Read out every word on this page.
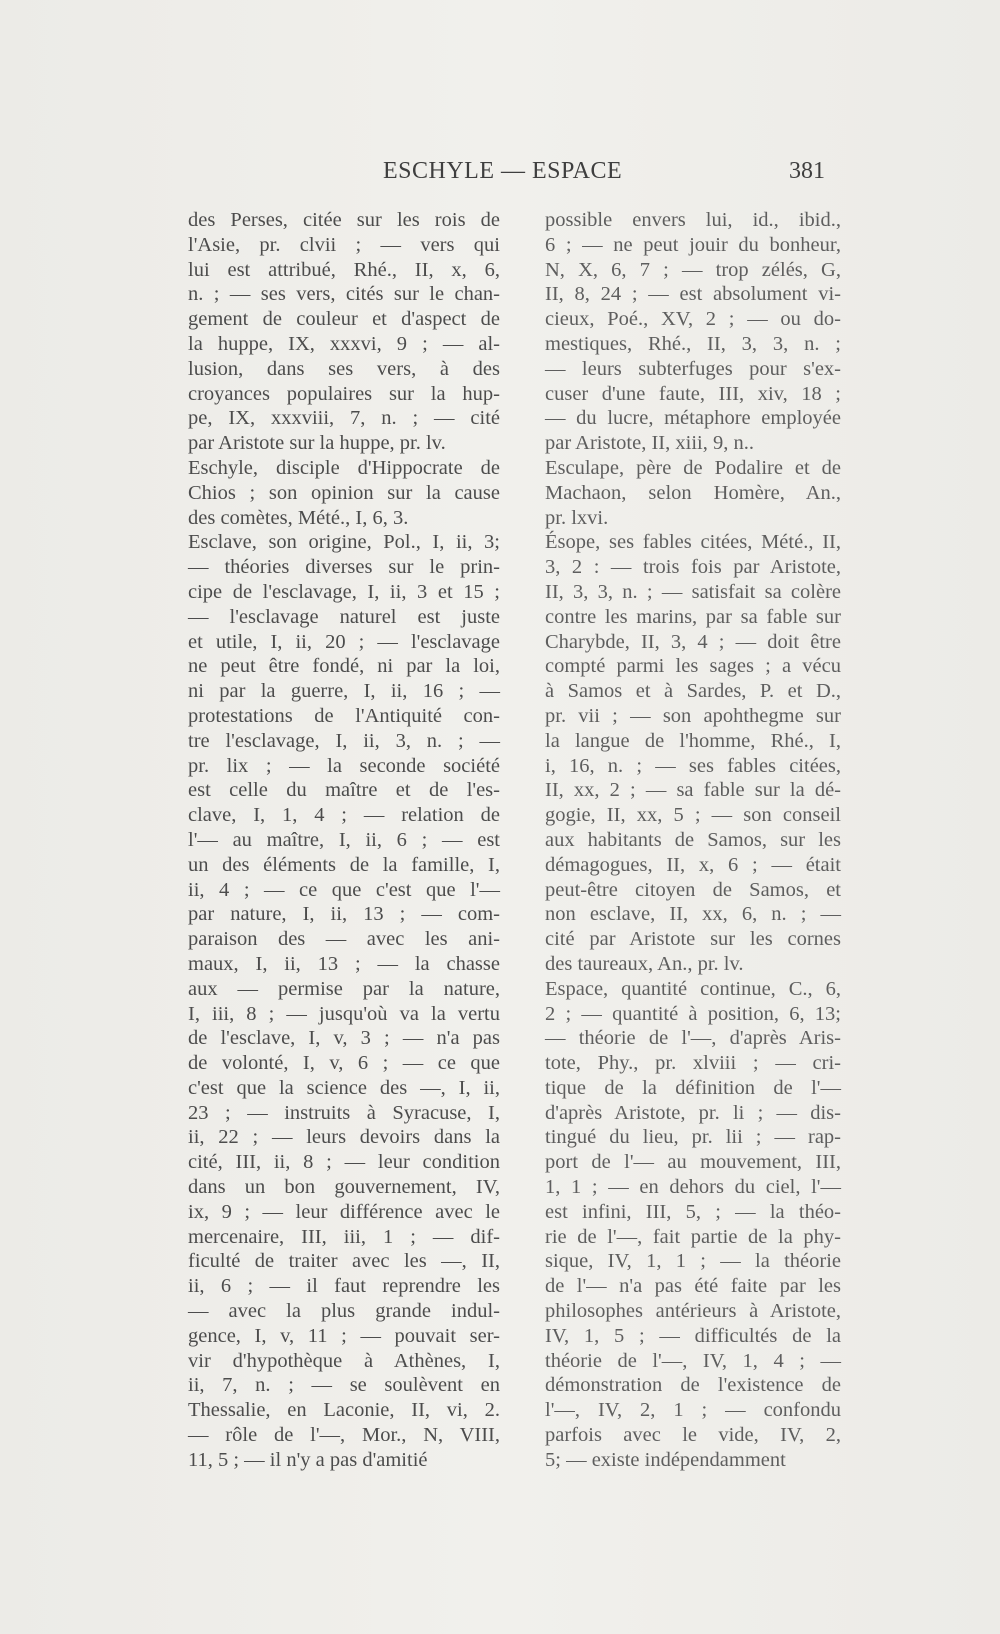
ESCHYLE — ESPACE	381
des Perses, citée sur les rois de
l'Asie, pr. clvii ; — vers qui
lui est attribué, Rhé., II, x, 6,
n. ; — ses vers, cités sur le chan-
gement de couleur et d'aspect de
la huppe, IX, xxxvi, 9 ; — al-
lusion, dans ses vers, à des
croyances populaires sur la hup-
pe, IX, xxxviii, 7, n. ; — cité
par Aristote sur la huppe, pr. lv.
Eschyle, disciple d'Hippocrate de
Chios ; son opinion sur la cause
des comètes, Mété., I, 6, 3.
Esclave, son origine, Pol., I, ii, 3;
— théories diverses sur le prin-
cipe de l'esclavage, I, ii, 3 et 15 ;
— l'esclavage naturel est juste
et utile, I, ii, 20 ; — l'esclavage
ne peut être fondé, ni par la loi,
ni par la guerre, I, ii, 16 ; —
protestations de l'Antiquité con-
tre l'esclavage, I, ii, 3, n. ; —
pr. lix ; — la seconde société
est celle du maître et de l'es-
clave, I, 1, 4 ; — relation de
l'— au maître, I, ii, 6 ; — est
un des éléments de la famille, I,
ii, 4 ; — ce que c'est que l'—
par nature, I, ii, 13 ; — com-
paraison des — avec les ani-
maux, I, ii, 13 ; — la chasse
aux — permise par la nature,
I, iii, 8 ; — jusqu'où va la vertu
de l'esclave, I, v, 3 ; — n'a pas
de volonté, I, v, 6 ; — ce que
c'est que la science des —, I, ii,
23 ; — instruits à Syracuse, I,
ii, 22 ; — leurs devoirs dans la
cité, III, ii, 8 ; — leur condition
dans un bon gouvernement, IV,
ix, 9 ; — leur différence avec le
mercenaire, III, iii, 1 ; — dif-
ficulté de traiter avec les —, II,
ii, 6 ; — il faut reprendre les
— avec la plus grande indul-
gence, I, v, 11 ; — pouvait ser-
vir d'hypothèque à Athènes, I,
ii, 7, n. ; — se soulèvent en
Thessalie, en Laconie, II, vi, 2.
— rôle de l'—, Mor., N, VIII,
11, 5 ; — il n'y a pas d'amitié
possible envers lui, id., ibid.,
6 ; — ne peut jouir du bonheur,
N, X, 6, 7 ; — trop zélés, G,
II, 8, 24 ; — est absolument vi-
cieux, Poé., XV, 2 ; — ou do-
mestiques, Rhé., II, 3, 3, n. ;
— leurs subterfuges pour s'ex-
cuser d'une faute, III, xiv, 18 ;
— du lucre, métaphore employée
par Aristote, II, xiii, 9, n..
Esculape, père de Podalire et de
Machaon, selon Homère, An.,
pr. lxvi.
Ésope, ses fables citées, Mété., II,
3, 2 : — trois fois par Aristote,
II, 3, 3, n. ; — satisfait sa colère
contre les marins, par sa fable sur
Charybde, II, 3, 4 ; — doit être
compté parmi les sages ; a vécu
à Samos et à Sardes, P. et D.,
pr. vii ; — son apohthegme sur
la langue de l'homme, Rhé., I,
i, 16, n. ; — ses fables citées,
II, xx, 2 ; — sa fable sur la dé-
gogie, II, xx, 5 ; — son conseil
aux habitants de Samos, sur les
démagogues, II, x, 6 ; — était
peut-être citoyen de Samos, et
non esclave, II, xx, 6, n. ; —
cité par Aristote sur les cornes
des taureaux, An., pr. lv.
Espace, quantité continue, C., 6,
2 ; — quantité à position, 6, 13;
— théorie de l'—, d'après Aris-
tote, Phy., pr. xlviii ; — cri-
tique de la définition de l'—
d'après Aristote, pr. li ; — dis-
tingué du lieu, pr. lii ; — rap-
port de l'— au mouvement, III,
1, 1 ; — en dehors du ciel, l'—
est infini, III, 5, ; — la théo-
rie de l'—, fait partie de la phy-
sique, IV, 1, 1 ; — la théorie
de l'— n'a pas été faite par les
philosophes antérieurs à Aristote,
IV, 1, 5 ; — difficultés de la
théorie de l'—, IV, 1, 4 ; —
démonstration de l'existence de
l'—, IV, 2, 1 ; — confondu
parfois avec le vide, IV, 2,
5; — existe indépendamment
